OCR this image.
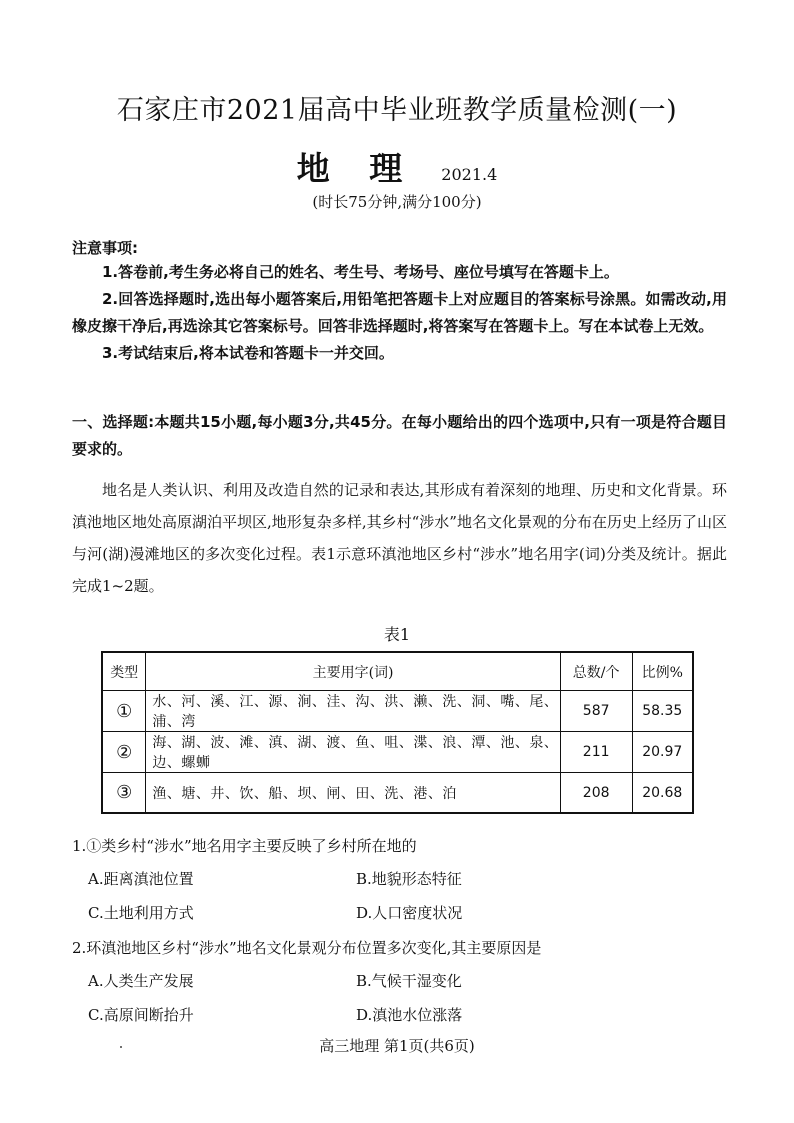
石家庄市2021届高中毕业班教学质量检测(一)
地 理 2021.4
(时长75分钟,满分100分)
注意事项:

1.答卷前,考生务必将自己的姓名、考生号、考场号、座位号填写在答题卡上。

2.回答选择题时,选出每小题答案后,用铅笔把答题卡上对应题目的答案标号涂黑。如需改动,用橡皮擦干净后,再选涂其它答案标号。回答非选择题时,将答案写在答题卡上。写在本试卷上无效。

3.考试结束后,将本试卷和答题卡一并交回。

一、选择题:本题共15小题,每小题3分,共45分。在每小题给出的四个选项中,只有一项是符合题目要求的。

地名是人类认识、利用及改造自然的记录和表达,其形成有着深刻的地理、历史和文化背景。环滇池地区地处高原湖泊平坝区,地形复杂多样,其乡村“涉水”地名文化景观的分布在历史上经历了山区与河(湖)漫滩地区的多次变化过程。表1示意环滇池地区乡村“涉水”地名用字(词)分类及统计。据此完成1~2题。

表1
类型	主要用字(词)	总数/个	比例%
①	水、河、溪、江、源、涧、洼、沟、洪、濑、洗、洞、嘴、尾、浦、湾	587	58.35
②	海、湖、波、滩、滇、湖、渡、鱼、咀、渫、浪、潭、池、泉、边、螺蛳	211	20.97
③	渔、塘、井、饮、船、坝、闸、田、洗、港、泊	208	20.68

1.①类乡村“涉水”地名用字主要反映了乡村所在地的

A.距离滇池位置	B.地貌形态特征
C.土地利用方式	D.人口密度状况

2.环滇池地区乡村“涉水”地名文化景观分布位置多次变化,其主要原因是

A.人类生产发展	B.气候干湿变化
C.高原间断抬升	D.滇池水位涨落
高三地理 第1页(共6页)
